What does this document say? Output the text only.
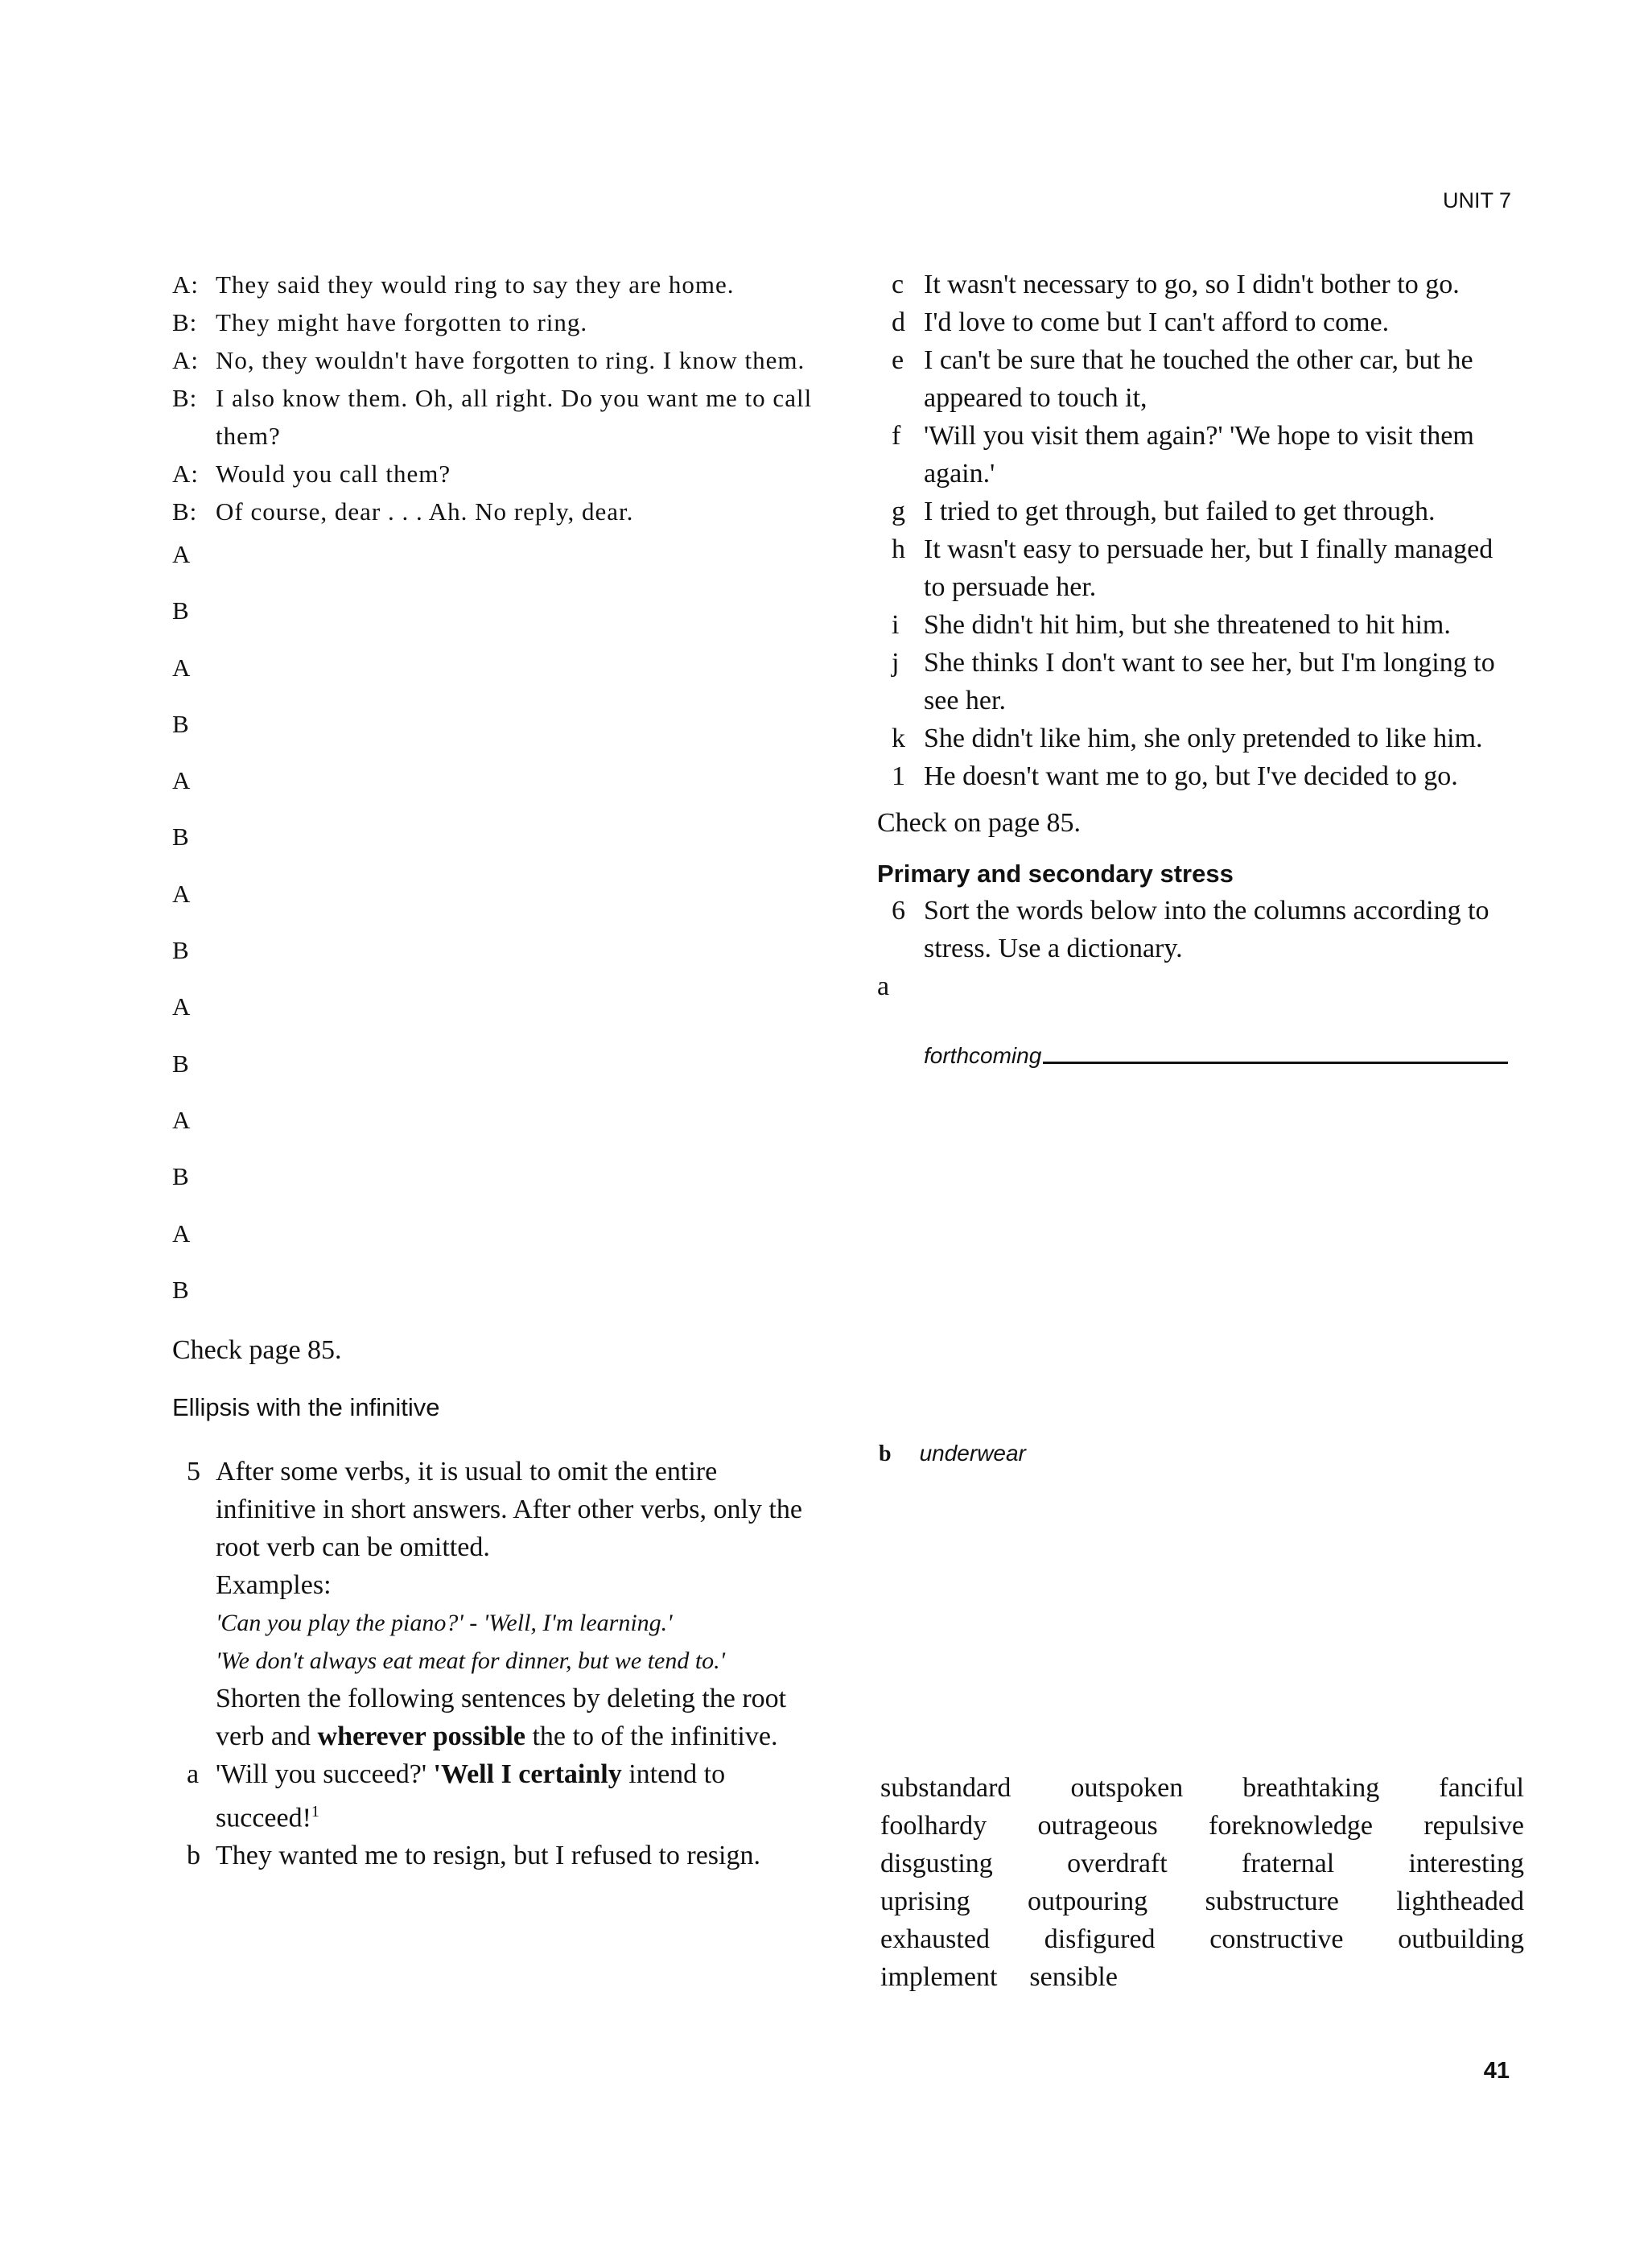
UNIT 7
A: They said they would ring to say they are home.
B: They might have forgotten to ring.
A: No, they wouldn't have forgotten to ring. I know them.
B: I also know them. Oh, all right. Do you want me to call them?
A: Would you call them?
B: Of course, dear . . . Ah. No reply, dear.
A
B
A
B
A
B
A
B
A
B
A
B
A
B
Check page 85.
Ellipsis with the infinitive
5 After some verbs, it is usual to omit the entire infinitive in short answers. After other verbs, only the root verb can be omitted.
Examples:
'Can you play the piano?' - 'Well, I'm learning.'
'We don't always eat meat for dinner, but we tend to.'
Shorten the following sentences by deleting the root verb and wherever possible the to of the infinitive.
a 'Will you succeed?' 'Well I certainly intend to succeed!$^1$
b They wanted me to resign, but I refused to resign.
c It wasn't necessary to go, so I didn't bother to go.
d I'd love to come but I can't afford to come.
e I can't be sure that he touched the other car, but he appeared to touch it,
f 'Will you visit them again?' 'We hope to visit them again.'
g I tried to get through, but failed to get through.
h It wasn't easy to persuade her, but I finally managed to persuade her.
i She didn't hit him, but she threatened to hit him.
j She thinks I don't want to see her, but I'm longing to see her.
k She didn't like him, she only pretended to like him.
1 He doesn't want me to go, but I've decided to go.
Check on page 85.
Primary and secondary stress
6 Sort the words below into the columns according to stress. Use a dictionary.
a
forthcoming
b underwear
substandard outspoken breathtaking fanciful
foolhardy outrageous foreknowledge repulsive
disgusting	overdraft	fraternal	interesting
uprising outpouring substructure lightheaded
exhausted disfigured constructive outbuilding
implement sensible
41
